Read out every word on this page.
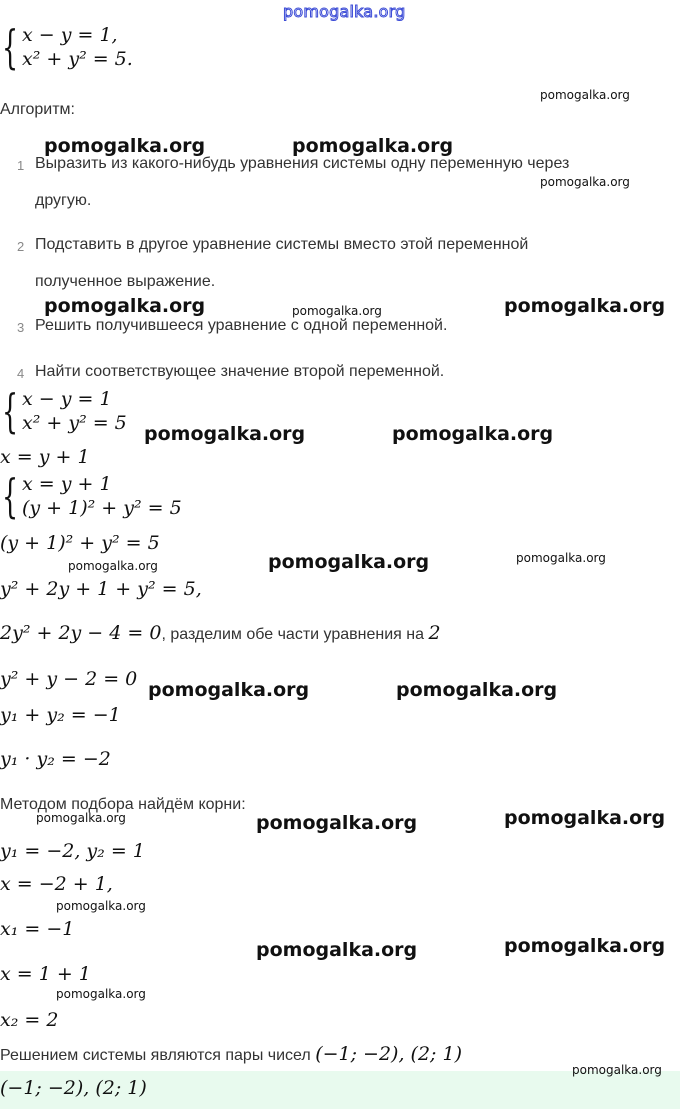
pomogalka.org
{ x − y = 1,
x² + y² = 5.
Алгоритм:
1 Выразить из какого-нибудь уравнения системы одну переменную через
другую.
2 Подставить в другое уравнение системы вместо этой переменной
полученное выражение.
3 Решить получившееся уравнение с одной переменной.
4 Найти соответствующее значение второй переменной.
{ x − y = 1
x² + y² = 5
x = y + 1
{ x = y + 1
(y + 1)² + y² = 5
(y + 1)² + y² = 5
y² + 2y + 1 + y² = 5,
2y² + 2y − 4 = 0, разделим обе части уравнения на 2
y² + y − 2 = 0
y₁ + y₂ = −1
y₁ · y₂ = −2
Методом подбора найдём корни:
y₁ = −2, y₂ = 1
x = −2 + 1,
x₁ = −1
x = 1 + 1
x₂ = 2
Решением системы являются пары чисел (−1; −2), (2; 1)
(−1; −2), (2; 1)
pomogalka.org
pomogalka.org	pomogalka.org
pomogalka.org
pomogalka.org	pomogalka.org	pomogalka.org
pomogalka.org	pomogalka.org
pomogalka.org	pomogalka.org
pomogalka.org
pomogalka.org	pomogalka.org
pomogalka.org	pomogalka.org	pomogalka.org
pomogalka.org
pomogalka.org	pomogalka.org
pomogalka.org
pomogalka.org
